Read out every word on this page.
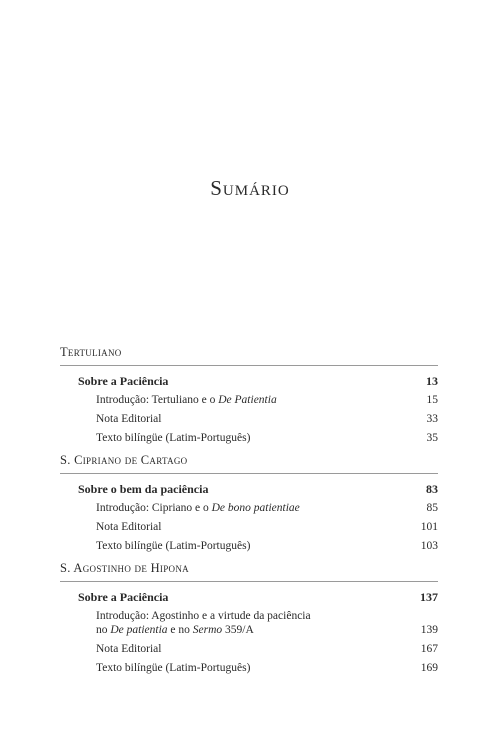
Sumário
Tertuliano
Sobre a Paciência	13
Introdução: Tertuliano e o De Patientia	15
Nota Editorial	33
Texto bilíngüe (Latim-Português)	35
S. Cipriano de Cartago
Sobre o bem da paciência	83
Introdução: Cipriano e o De bono patientiae	85
Nota Editorial	101
Texto bilíngüe (Latim-Português)	103
S. Agostinho de Hipona
Sobre a Paciência	137
Introdução: Agostinho e a virtude da paciência
no De patientia e no Sermo 359/A	139
Nota Editorial	167
Texto bilíngüe (Latim-Português)	169
